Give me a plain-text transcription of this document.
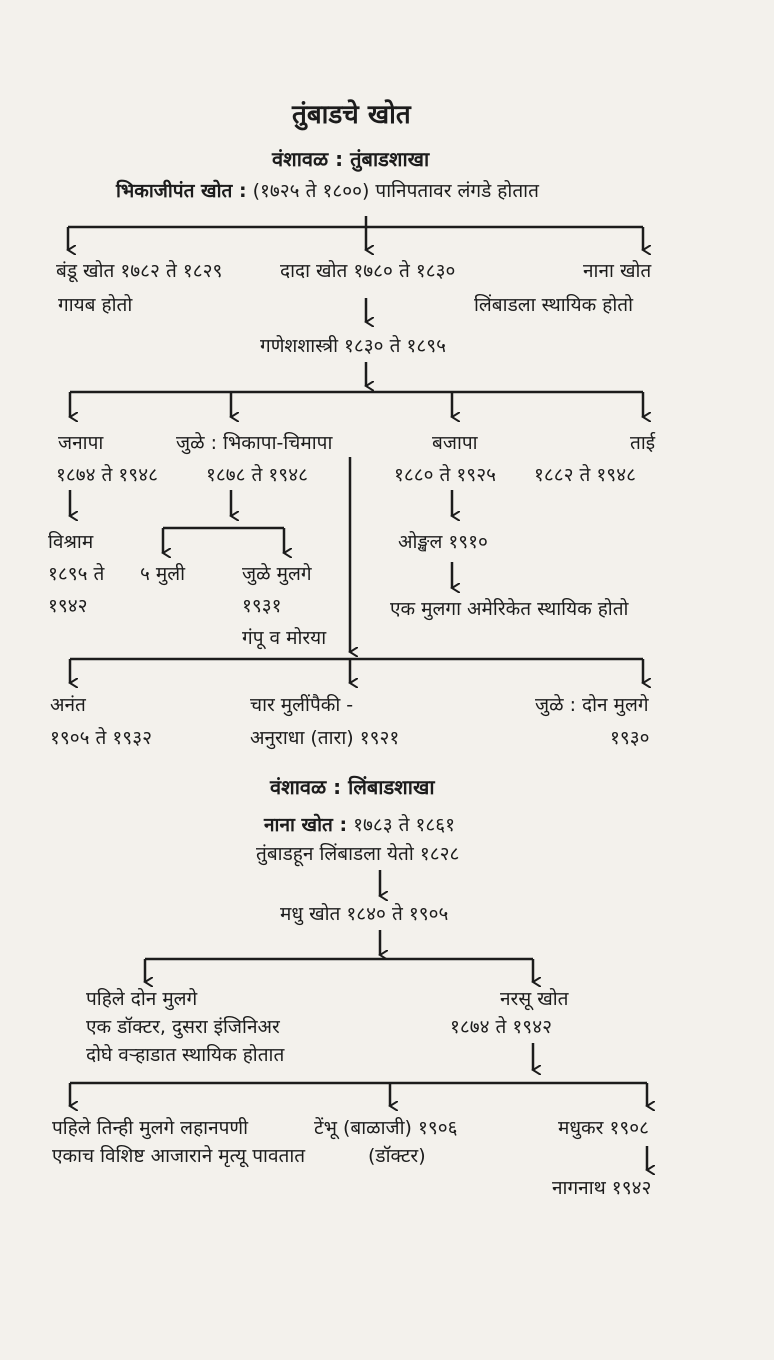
तुंबाडचे खोत
वंशावळ : तुंबाडशाखा
भिकाजीपंत खोत : (१७२५ ते १८००) पानिपतावर लंगडे होतात
बंडू खोत १७८२ ते १८२९
गायब होतो
दादा खोत १७८० ते १८३०	नाना खोत
लिंबाडला स्थायिक होतो
गणेशशास्त्री १८३० ते १८९५
जनापा
१८७४ ते १९४८
जुळे : भिकापा-चिमापा
१८७८ ते १९४८
बजापा
१८८० ते १९२५
ताई
१८८२ ते १९४८
विश्राम
१८९५ ते
१९४२
५ मुली	जुळे मुलगे
१९३१
गंपू व मोरया
ओङ्खल १९१०
एक मुलगा अमेरिकेत स्थायिक होतो
अनंत
१९०५ ते १९३२
चार मुलींपैकी -
अनुराधा (तारा) १९२१
जुळे : दोन मुलगे
१९३०
वंशावळ : लिंबाडशाखा
नाना खोत : १७८३ ते १८६१
तुंबाडहून लिंबाडला येतो १८२८
मधु खोत १८४० ते १९०५
पहिले दोन मुलगे
एक डॉक्टर, दुसरा इंजिनिअर
दोघे वऱ्हाडात स्थायिक होतात
नरसू खोत
१८७४ ते १९४२
पहिले तिन्ही मुलगे लहानपणी
एकाच विशिष्ट आजाराने मृत्यू पावतात
टेंभू (बाळाजी) १९०६
(डॉक्टर)
मधुकर १९०८
नागनाथ १९४२
